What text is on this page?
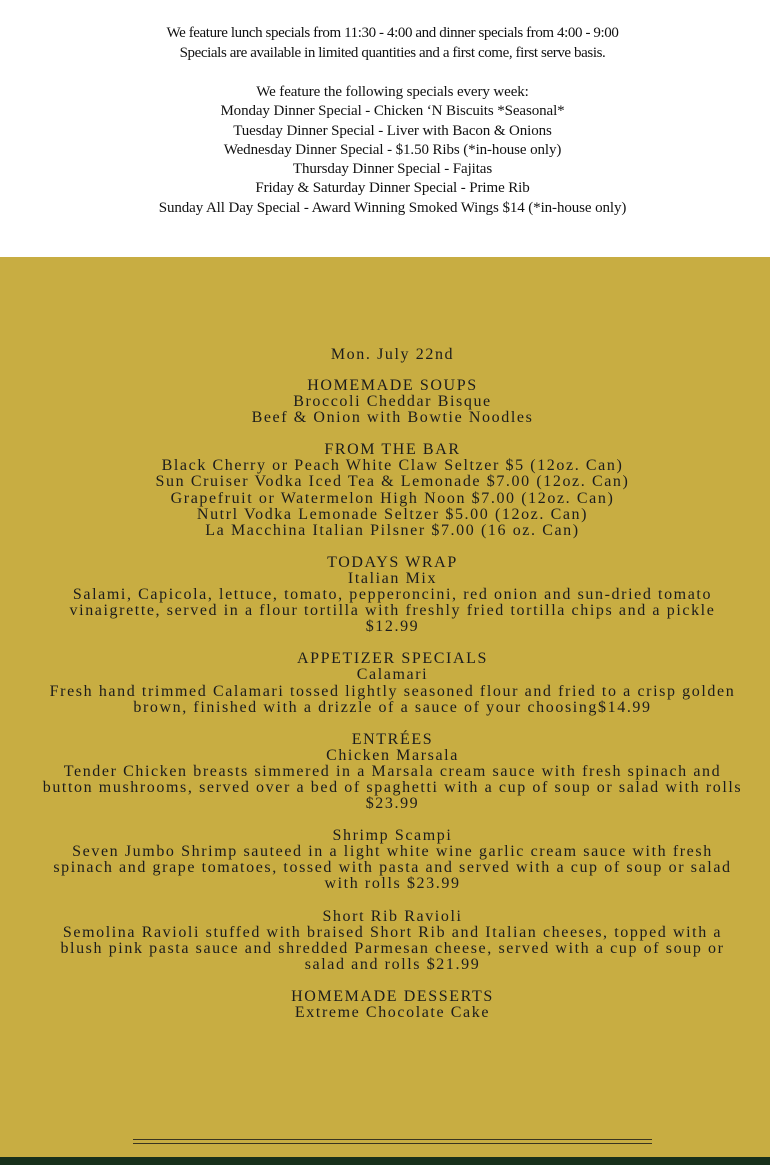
We feature lunch specials from 11:30 - 4:00 and dinner specials from 4:00 - 9:00
Specials are available in limited quantities and a first come, first serve basis.
We feature the following specials every week:
Monday Dinner Special - Chicken ‘N Biscuits *Seasonal*
Tuesday Dinner Special - Liver with Bacon & Onions
Wednesday Dinner Special - $1.50 Ribs (*in-house only)
Thursday Dinner Special - Fajitas
Friday & Saturday Dinner Special - Prime Rib
Sunday All Day Special - Award Winning Smoked Wings $14 (*in-house only)
Mon. July 22nd
HOMEMADE SOUPS
Broccoli Cheddar Bisque
Beef & Onion with Bowtie Noodles
FROM THE BAR
Black Cherry or Peach White Claw Seltzer $5 (12oz. Can)
Sun Cruiser Vodka Iced Tea & Lemonade $7.00 (12oz. Can)
Grapefruit or Watermelon High Noon $7.00 (12oz. Can)
Nutrl Vodka Lemonade Seltzer $5.00 (12oz. Can)
La Macchina Italian Pilsner $7.00 (16 oz. Can)
TODAYS WRAP
Italian Mix
Salami, Capicola, lettuce, tomato, pepperoncini, red onion and sun-dried tomato vinaigrette, served in a flour tortilla with freshly fried tortilla chips and a pickle $12.99
APPETIZER SPECIALS
Calamari
Fresh hand trimmed Calamari tossed lightly seasoned flour and fried to a crisp golden brown, finished with a drizzle of a sauce of your choosing$14.99
ENTRÉES
Chicken Marsala
Tender Chicken breasts simmered in a Marsala cream sauce with fresh spinach and button mushrooms, served over a bed of spaghetti with a cup of soup or salad with rolls $23.99
Shrimp Scampi
Seven Jumbo Shrimp sauteed in a light white wine garlic cream sauce with fresh spinach and grape tomatoes, tossed with pasta and served with a cup of soup or salad with rolls $23.99
Short Rib Ravioli
Semolina Ravioli stuffed with braised Short Rib and Italian cheeses, topped with a blush pink pasta sauce and shredded Parmesan cheese, served with a cup of soup or salad and rolls $21.99
HOMEMADE DESSERTS
Extreme Chocolate Cake
